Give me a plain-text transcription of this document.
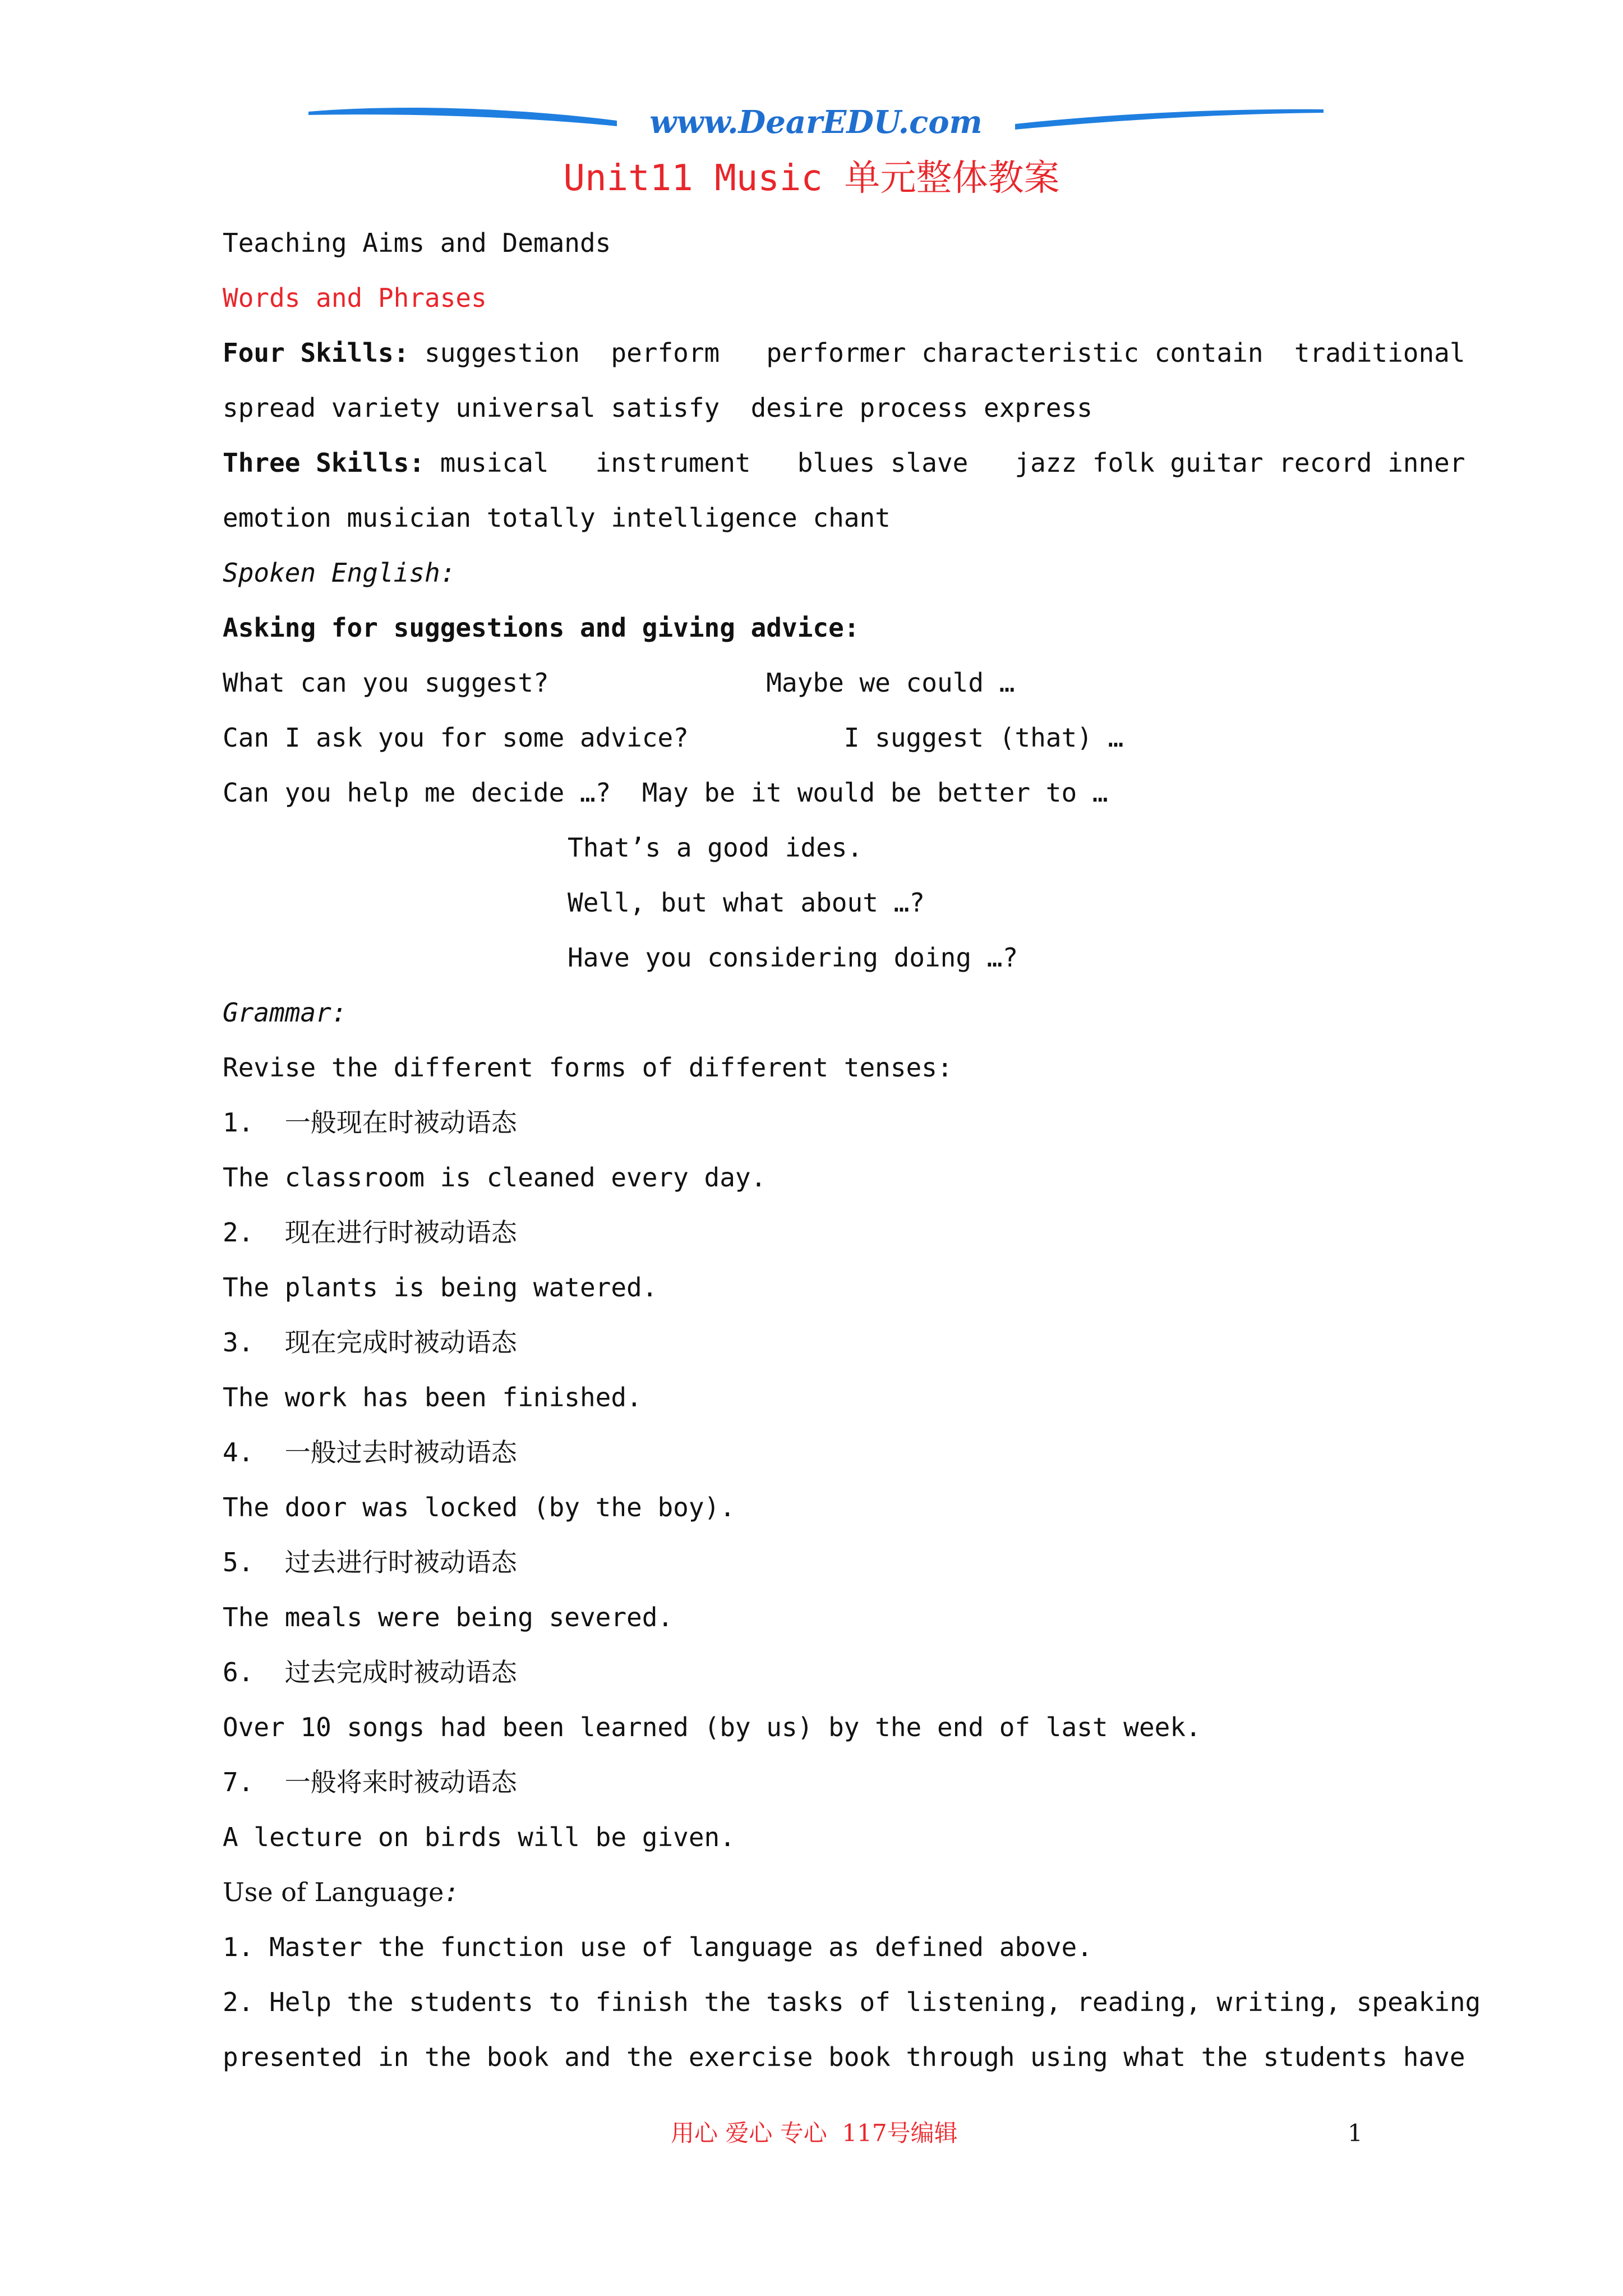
www.DearEDU.com
Unit11 Music 单元整体教案
Teaching Aims and Demands
Words and Phrases
Four Skills: suggestion  perform   performer characteristic contain  traditional
spread variety universal satisfy  desire process express
Three Skills: musical   instrument   blues slave   jazz folk guitar record inner
emotion musician totally intelligence chant
Spoken English:
Asking for suggestions and giving advice:
What can you suggest?              Maybe we could …
Can I ask you for some advice?          I suggest (that) …
Can you help me decide …?  May be it would be better to …
That’s a good ides.
Well, but what about …?
Have you considering doing …?
Grammar:
Revise the different forms of different tenses:
1.  一般现在时被动语态
The classroom is cleaned every day.
2.  现在进行时被动语态
The plants is being watered.
3.  现在完成时被动语态
The work has been finished.
4.  一般过去时被动语态
The door was locked (by the boy).
5.  过去进行时被动语态
The meals were being severed.
6.  过去完成时被动语态
Over 10 songs had been learned (by us) by the end of last week.
7.  一般将来时被动语态
A lecture on birds will be given.
Use of Language:
1. Master the function use of language as defined above.
2. Help the students to finish the tasks of listening, reading, writing, speaking
presented in the book and the exercise book through using what the students have
用心 爱心 专心  117号编辑	1
